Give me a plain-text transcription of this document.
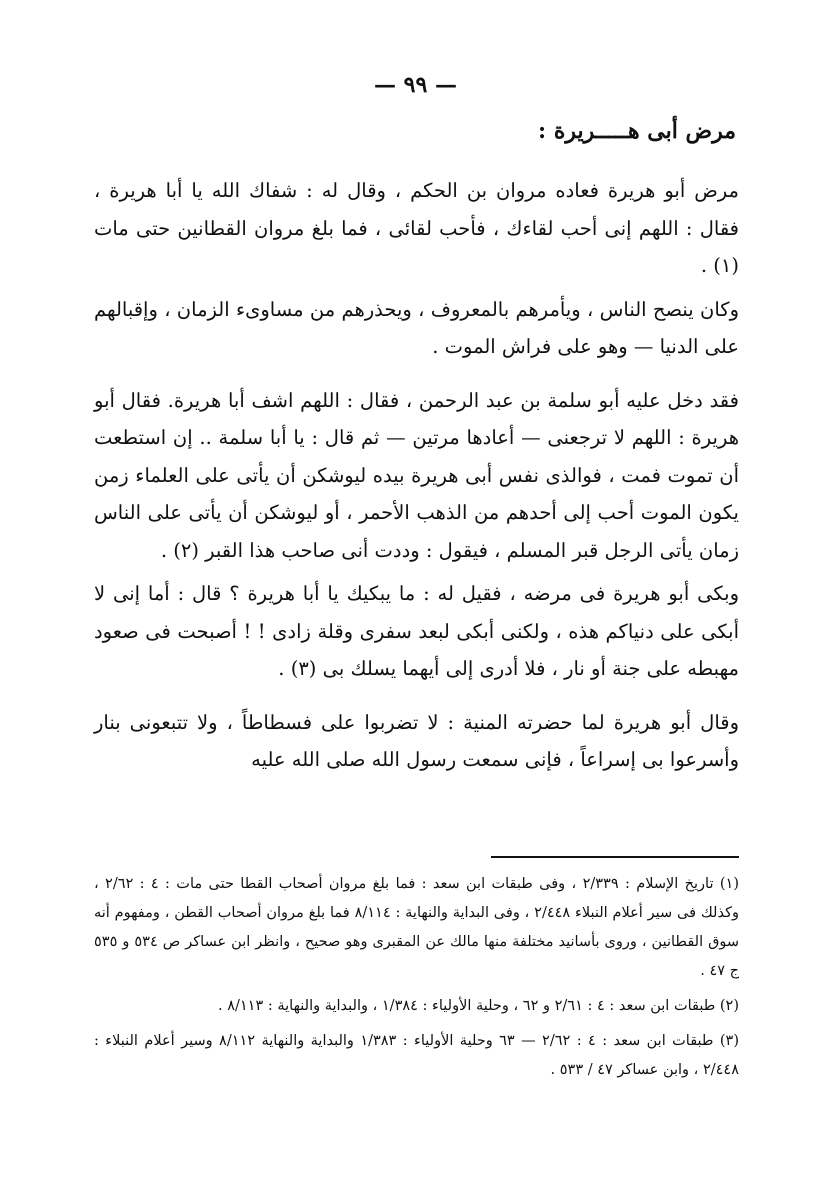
— ٩٩ —
مرض أبى هـــــريرة :

مرض أبو هريرة فعاده مروان بن الحكم ، وقال له : شفاك الله يا أبا هريرة ، فقال : اللهم إنى أحب لقاءك ، فأحب لقائى ، فما بلغ مروان القطانين حتى مات (١) .

وكان ينصح الناس ، ويأمرهم بالمعروف ، ويحذرهم من مساوىء الزمان ، وإقبالهم على الدنيا — وهو على فراش الموت .

فقد دخل عليه أبو سلمة بن عبد الرحمن ، فقال : اللهم اشف أبا هريرة. فقال أبو هريرة : اللهم لا ترجعنى — أعادها مرتين — ثم قال : يا أبا سلمة .. إن استطعت أن تموت فمت ، فوالذى نفس أبى هريرة بيده ليوشكن أن يأتى على العلماء زمن يكون الموت أحب إلى أحدهم من الذهب الأحمر ، أو ليوشكن أن يأتى على الناس زمان يأتى الرجل قبر المسلم ، فيقول : وددت أنى صاحب هذا القبر (٢) .

وبكى أبو هريرة فى مرضه ، فقيل له : ما يبكيك يا أبا هريرة ؟ قال : أما إنى لا أبكى على دنياكم هذه ، ولكنى أبكى لبعد سفرى وقلة زادى ! ! أصبحت فى صعود مهبطه على جنة أو نار ، فلا أدرى إلى أيهما يسلك بى (٣) .

وقال أبو هريرة لما حضرته المنية : لا تضربوا على فسطاطاً ، ولا تتبعونى بنار وأسرعوا بى إسراعاً ، فإنى سمعت رسول الله صلى الله عليه

(١) تاريخ الإسلام : ٢/٣٣٩ ، وفى طبقات ابن سعد : فما بلغ مروان أصحاب القطا حتى مات : ٤ : ٢/٦٢ ، وكذلك فى سير أعلام النبلاء ٢/٤٤٨ ، وفى البداية والنهاية : ٨/١١٤ فما بلغ مروان أصحاب القطن ، ومفهوم أنه سوق القطانين ، وروى بأسانيد مختلفة منها مالك عن المقبرى وهو صحيح ، وانظر ابن عساكر ص ٥٣٤ و ٥٣٥ ج ٤٧ .

(٢) طبقات ابن سعد : ٤ : ٢/٦١ و ٦٢ ، وحلية الأولياء : ١/٣٨٤ ، والبداية والنهاية : ٨/١١٣ .

(٣) طبقات ابن سعد : ٤ : ٢/٦٢ — ٦٣ وحلية الأولياء : ١/٣٨٣ والبداية والنهاية ٨/١١٢ وسير أعلام النبلاء : ٢/٤٤٨ ، وابن عساكر ٤٧ / ٥٣٣ .
